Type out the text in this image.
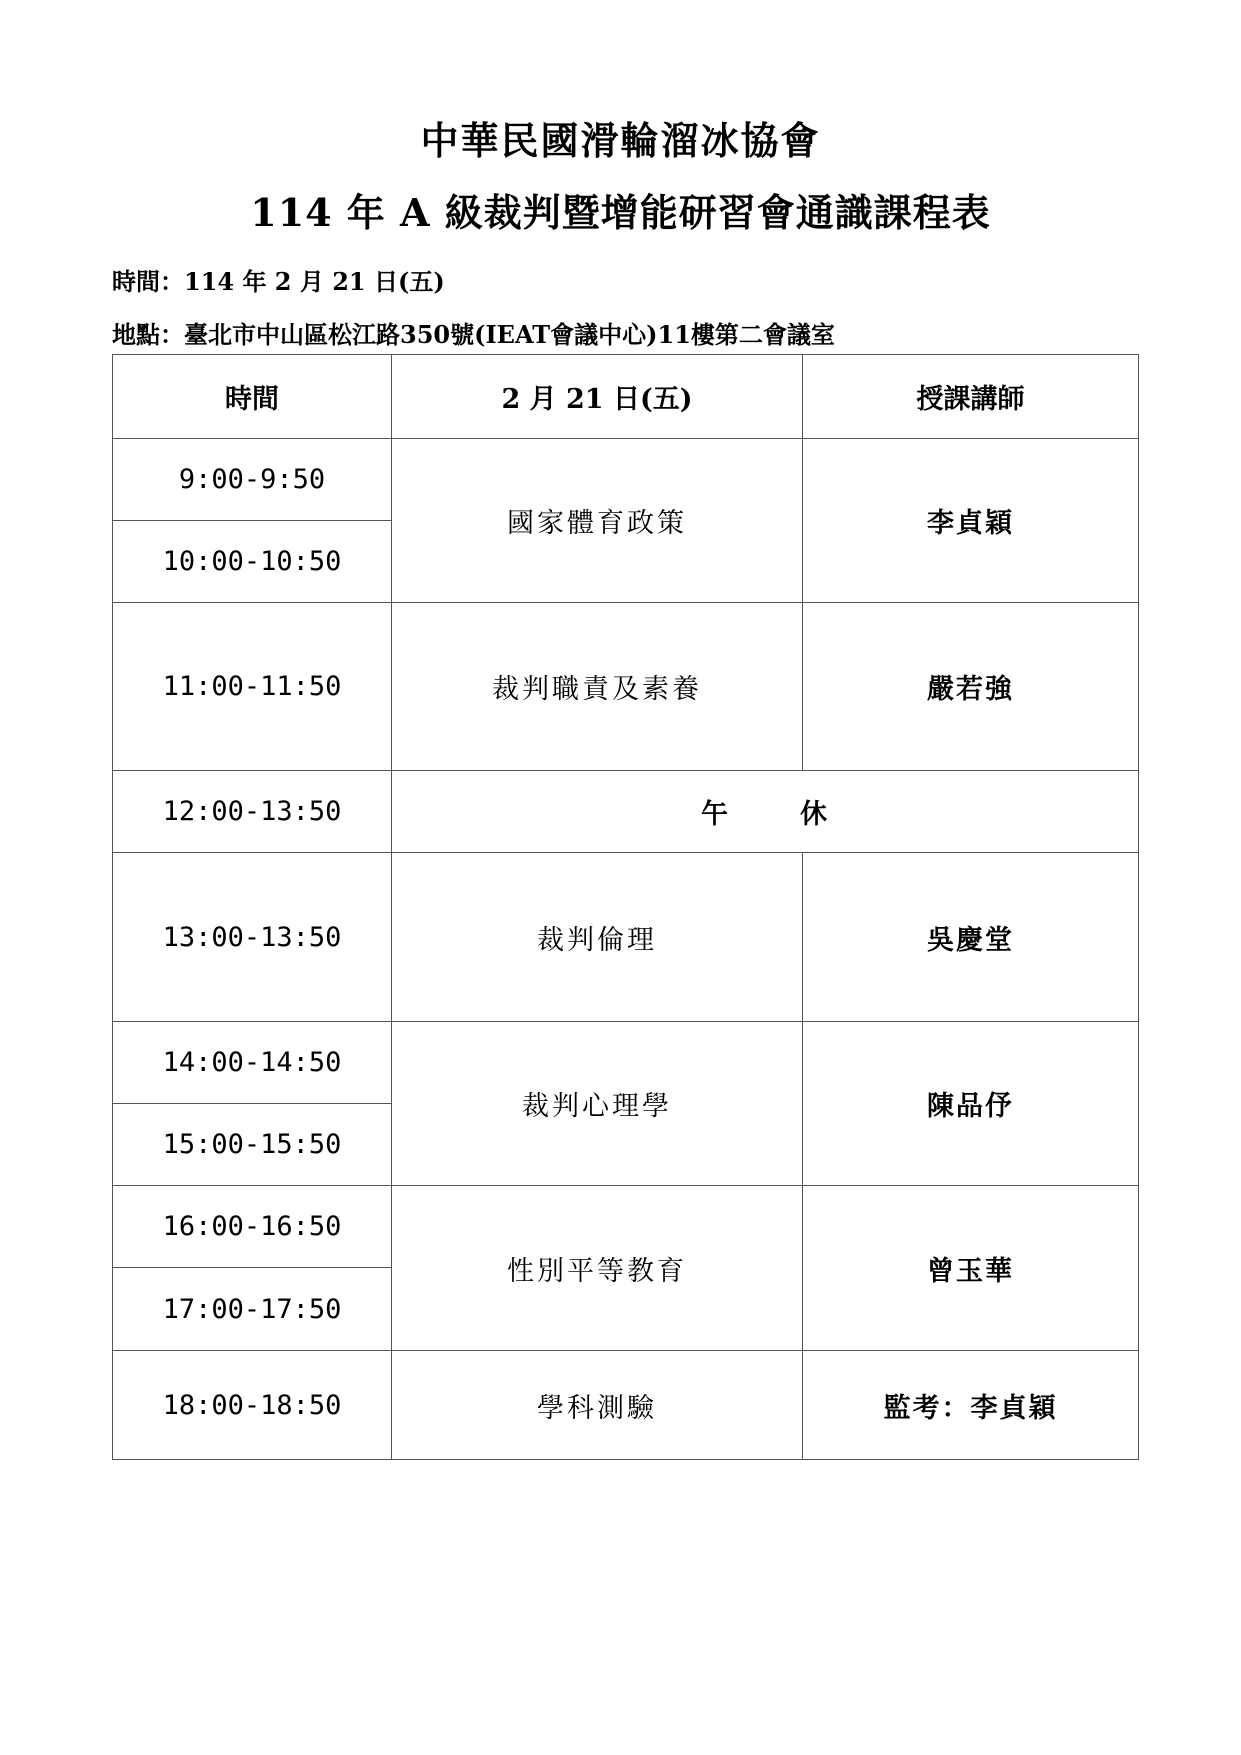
中華民國滑輪溜冰協會
114 年 A 級裁判暨增能研習會通識課程表
時間：114 年 2 月 21 日(五)
地點：臺北市中山區松江路350號(IEAT會議中心)11樓第二會議室
時間	2 月 21 日(五)	授課講師
9:00-9:50	國家體育政策	李貞穎
10:00-10:50		
11:00-11:50	裁判職責及素養	嚴若強
12:00-13:50	午 休	
13:00-13:50	裁判倫理	吳慶堂
14:00-14:50	裁判心理學	陳品伃
15:00-15:50		
16:00-16:50	性別平等教育	曾玉華
17:00-17:50		
18:00-18:50	學科測驗	監考：李貞穎
